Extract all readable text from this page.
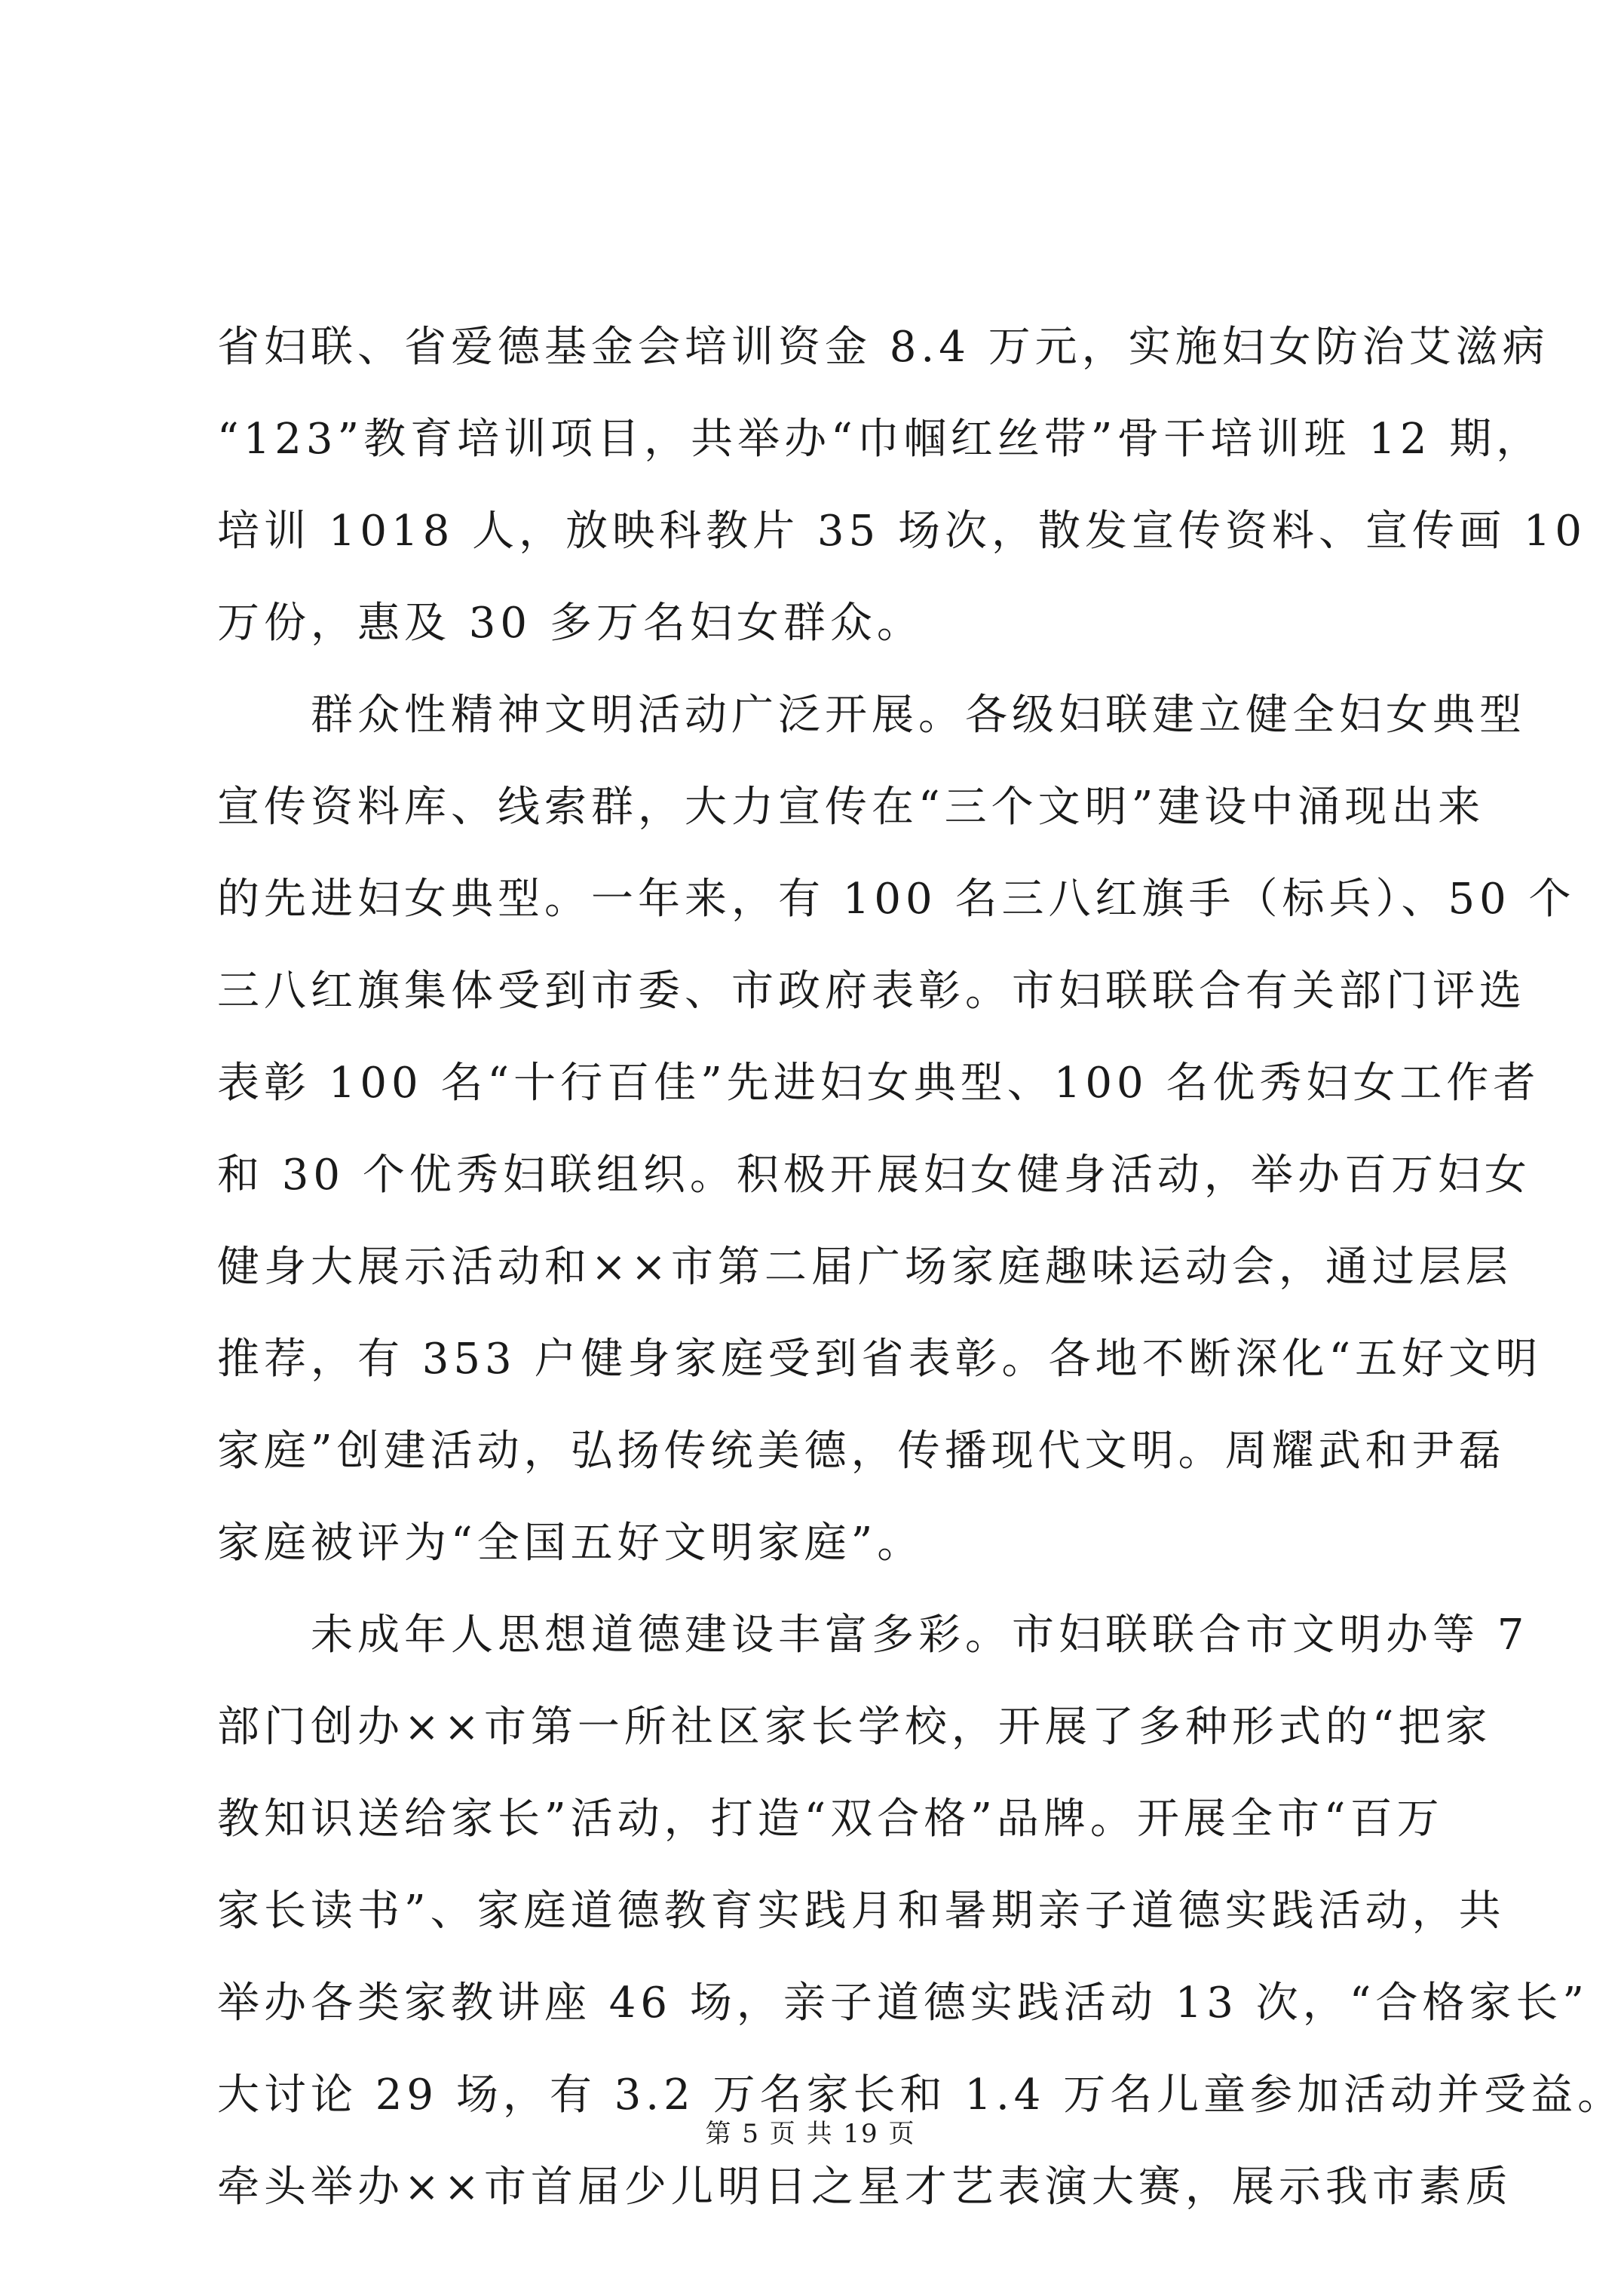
省妇联、省爱德基金会培训资金 8.4 万元，实施妇女防治艾滋病
“123”教育培训项目，共举办“巾帼红丝带”骨干培训班 12 期，
培训 1018 人，放映科教片 35 场次，散发宣传资料、宣传画 10
万份，惠及 30 多万名妇女群众。
　　群众性精神文明活动广泛开展。各级妇联建立健全妇女典型
宣传资料库、线索群，大力宣传在“三个文明”建设中涌现出来
的先进妇女典型。一年来，有 100 名三八红旗手（标兵）、50 个
三八红旗集体受到市委、市政府表彰。市妇联联合有关部门评选
表彰 100 名“十行百佳”先进妇女典型、100 名优秀妇女工作者
和 30 个优秀妇联组织。积极开展妇女健身活动，举办百万妇女
健身大展示活动和××市第二届广场家庭趣味运动会，通过层层
推荐，有 353 户健身家庭受到省表彰。各地不断深化“五好文明
家庭”创建活动，弘扬传统美德，传播现代文明。周耀武和尹磊
家庭被评为“全国五好文明家庭”。
　　未成年人思想道德建设丰富多彩。市妇联联合市文明办等 7
部门创办××市第一所社区家长学校，开展了多种形式的“把家
教知识送给家长”活动，打造“双合格”品牌。开展全市“百万
家长读书”、家庭道德教育实践月和暑期亲子道德实践活动，共
举办各类家教讲座 46 场，亲子道德实践活动 13 次，“合格家长”
大讨论 29 场，有 3.2 万名家长和 1.4 万名儿童参加活动并受益。
牵头举办××市首届少儿明日之星才艺表演大赛，展示我市素质
第 5 页 共 19 页
